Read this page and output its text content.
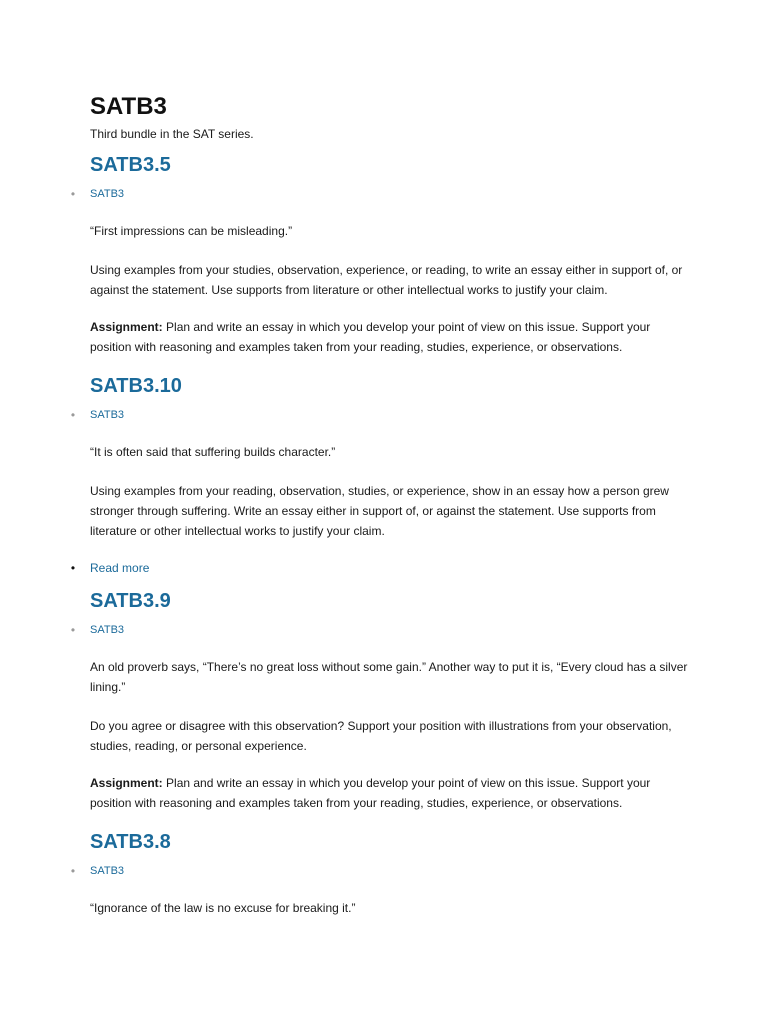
SATB3

Third bundle in the SAT series.

SATB3.5
•	SATB3

“First impressions can be misleading.”

Using examples from your studies, observation, experience, or reading, to write an essay either in support of, or against the statement. Use supports from literature or other intellectual works to justify your claim.

Assignment: Plan and write an essay in which you develop your point of view on this issue. Support your position with reasoning and examples taken from your reading, studies, experience, or observations.

SATB3.10
•	SATB3

“It is often said that suffering builds character.”

Using examples from your reading, observation, studies, or experience, show in an essay how a person grew stronger through suffering. Write an essay either in support of, or against the statement. Use supports from literature or other intellectual works to justify your claim.

•	Read more
SATB3.9
•	SATB3

An old proverb says, “There’s no great loss without some gain.” Another way to put it is, “Every cloud has a silver lining.”

Do you agree or disagree with this observation? Support your position with illustrations from your observation, studies, reading, or personal experience.

Assignment: Plan and write an essay in which you develop your point of view on this issue. Support your position with reasoning and examples taken from your reading, studies, experience, or observations.

SATB3.8
•	SATB3

“Ignorance of the law is no excuse for breaking it.”
